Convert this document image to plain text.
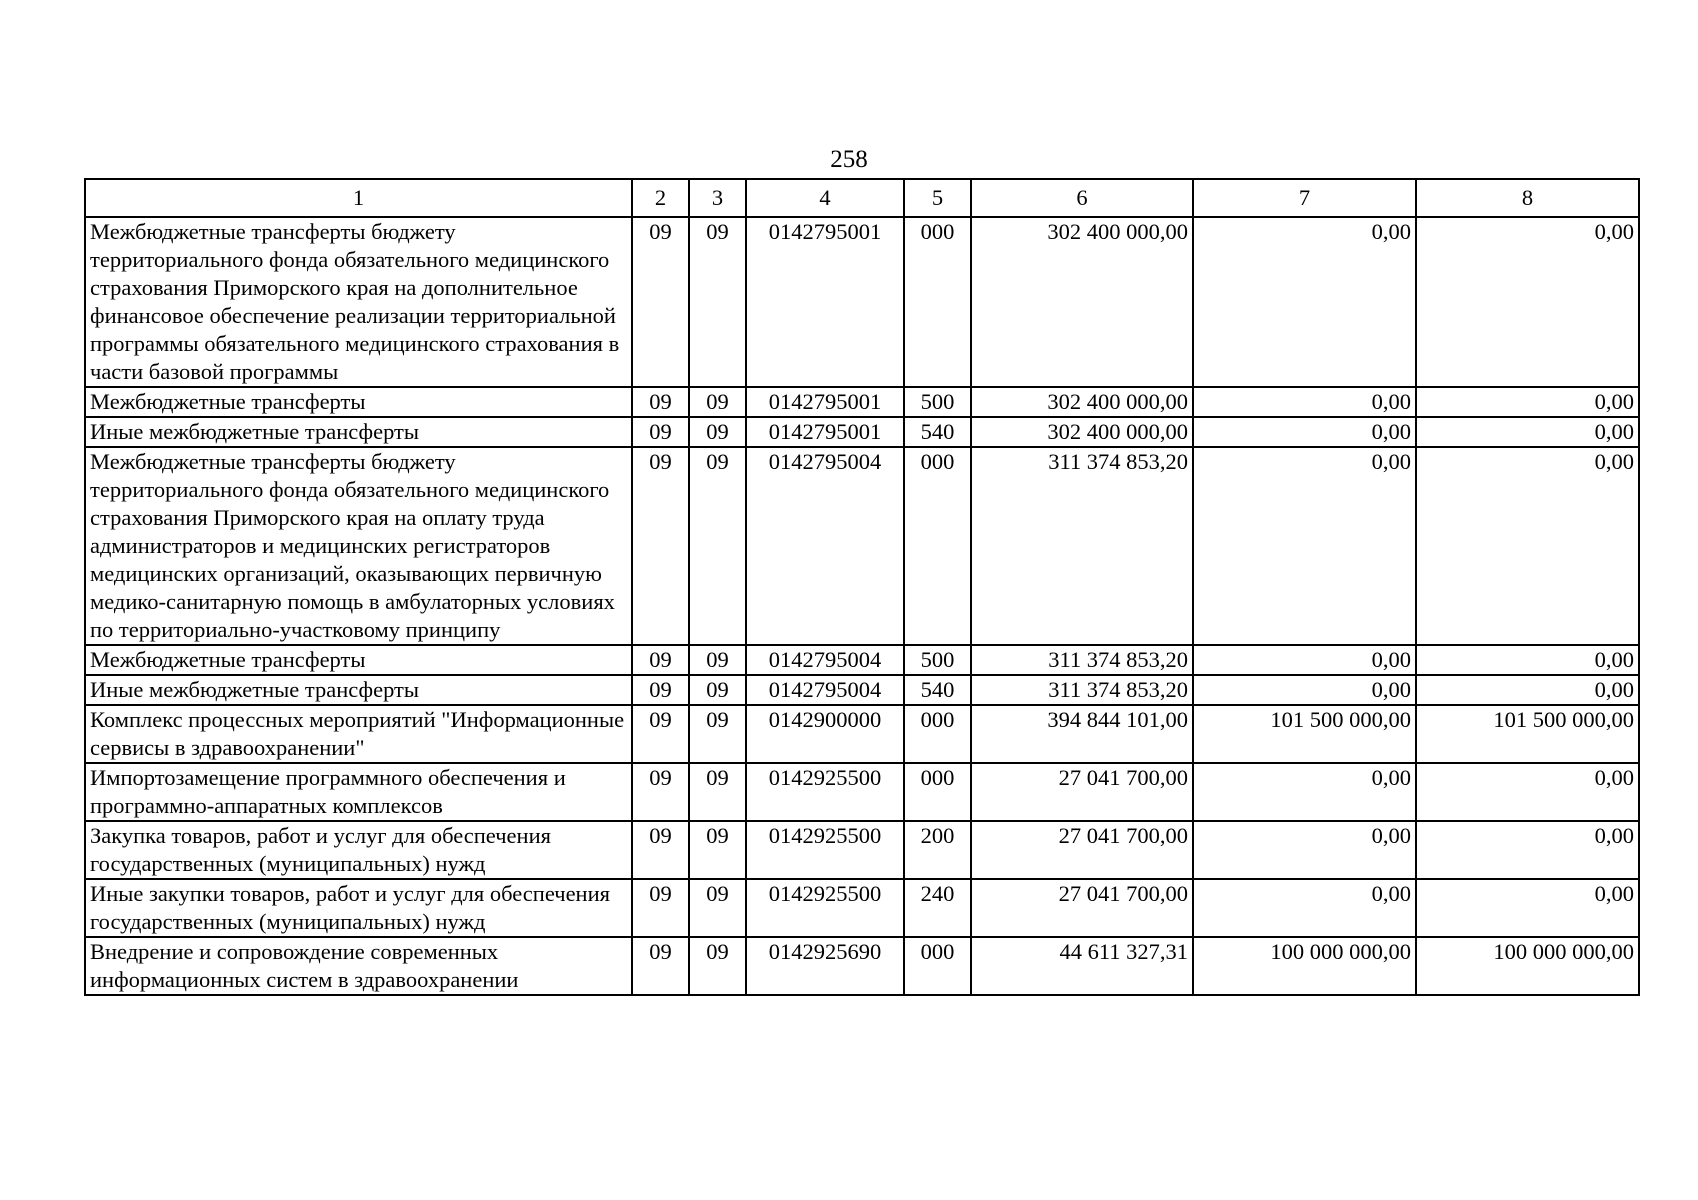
258
1	2	3	4	5	6	7	8
Межбюджетные трансферты бюджету территориального фонда обязательного медицинского страхования Приморского края на дополнительное финансовое обеспечение реализации территориальной программы обязательного медицинского страхования в части базовой программы	09	09	0142795001	000	302 400 000,00	0,00	0,00
Межбюджетные трансферты	09	09	0142795001	500	302 400 000,00	0,00	0,00
Иные межбюджетные трансферты	09	09	0142795001	540	302 400 000,00	0,00	0,00
Межбюджетные трансферты бюджету территориального фонда обязательного медицинского страхования Приморского края на оплату труда администраторов и медицинских регистраторов медицинских организаций, оказывающих первичную медико-санитарную помощь в амбулаторных условиях по территориально-участковому принципу	09	09	0142795004	000	311 374 853,20	0,00	0,00
Межбюджетные трансферты	09	09	0142795004	500	311 374 853,20	0,00	0,00
Иные межбюджетные трансферты	09	09	0142795004	540	311 374 853,20	0,00	0,00
Комплекс процессных мероприятий "Информационные сервисы в здравоохранении"	09	09	0142900000	000	394 844 101,00	101 500 000,00	101 500 000,00
Импортозамещение программного обеспечения и программно-аппаратных комплексов	09	09	0142925500	000	27 041 700,00	0,00	0,00
Закупка товаров, работ и услуг для обеспечения государственных (муниципальных) нужд	09	09	0142925500	200	27 041 700,00	0,00	0,00
Иные закупки товаров, работ и услуг для обеспечения государственных (муниципальных) нужд	09	09	0142925500	240	27 041 700,00	0,00	0,00
Внедрение и сопровождение современных информационных систем в здравоохранении	09	09	0142925690	000	44 611 327,31	100 000 000,00	100 000 000,00
